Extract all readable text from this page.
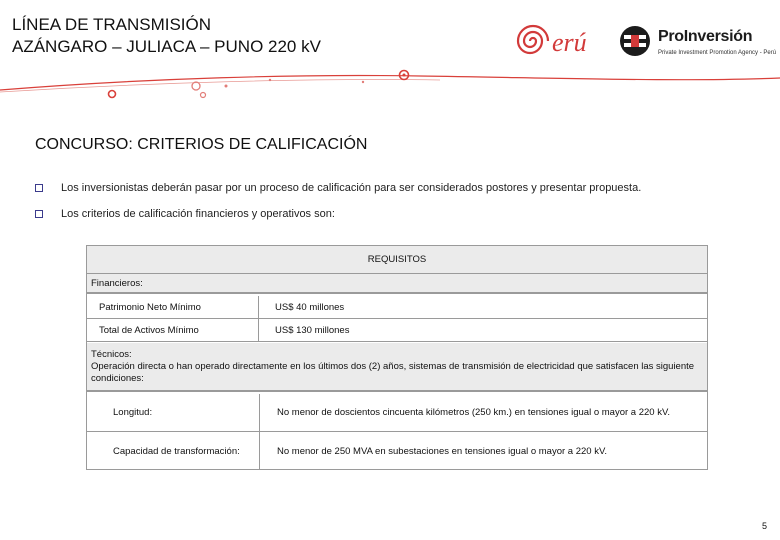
LÍNEA DE TRANSMISIÓN
AZÁNGARO – JULIACA – PUNO 220 kV	erú	ProInversión
Private Investment Promotion Agency - Perú
CONCURSO: CRITERIOS DE CALIFICACIÓN
Los inversionistas deberán pasar por un proceso de calificación para ser considerados postores y presentar propuesta.
Los criterios de calificación financieros y operativos son:
REQUISITOS
Financieros:
Patrimonio Neto Mínimo	US$ 40 millones
Total de Activos Mínimo	US$ 130 millones
Técnicos:
Operación directa o han operado directamente en los últimos dos (2) años, sistemas de transmisión de electricidad que satisfacen las siguiente condiciones:
Longitud:	No menor de doscientos cincuenta kilómetros (250 km.) en tensiones igual o mayor a 220 kV.
Capacidad de transformación:	No menor de 250 MVA en subestaciones en tensiones igual o mayor a 220 kV.
5
